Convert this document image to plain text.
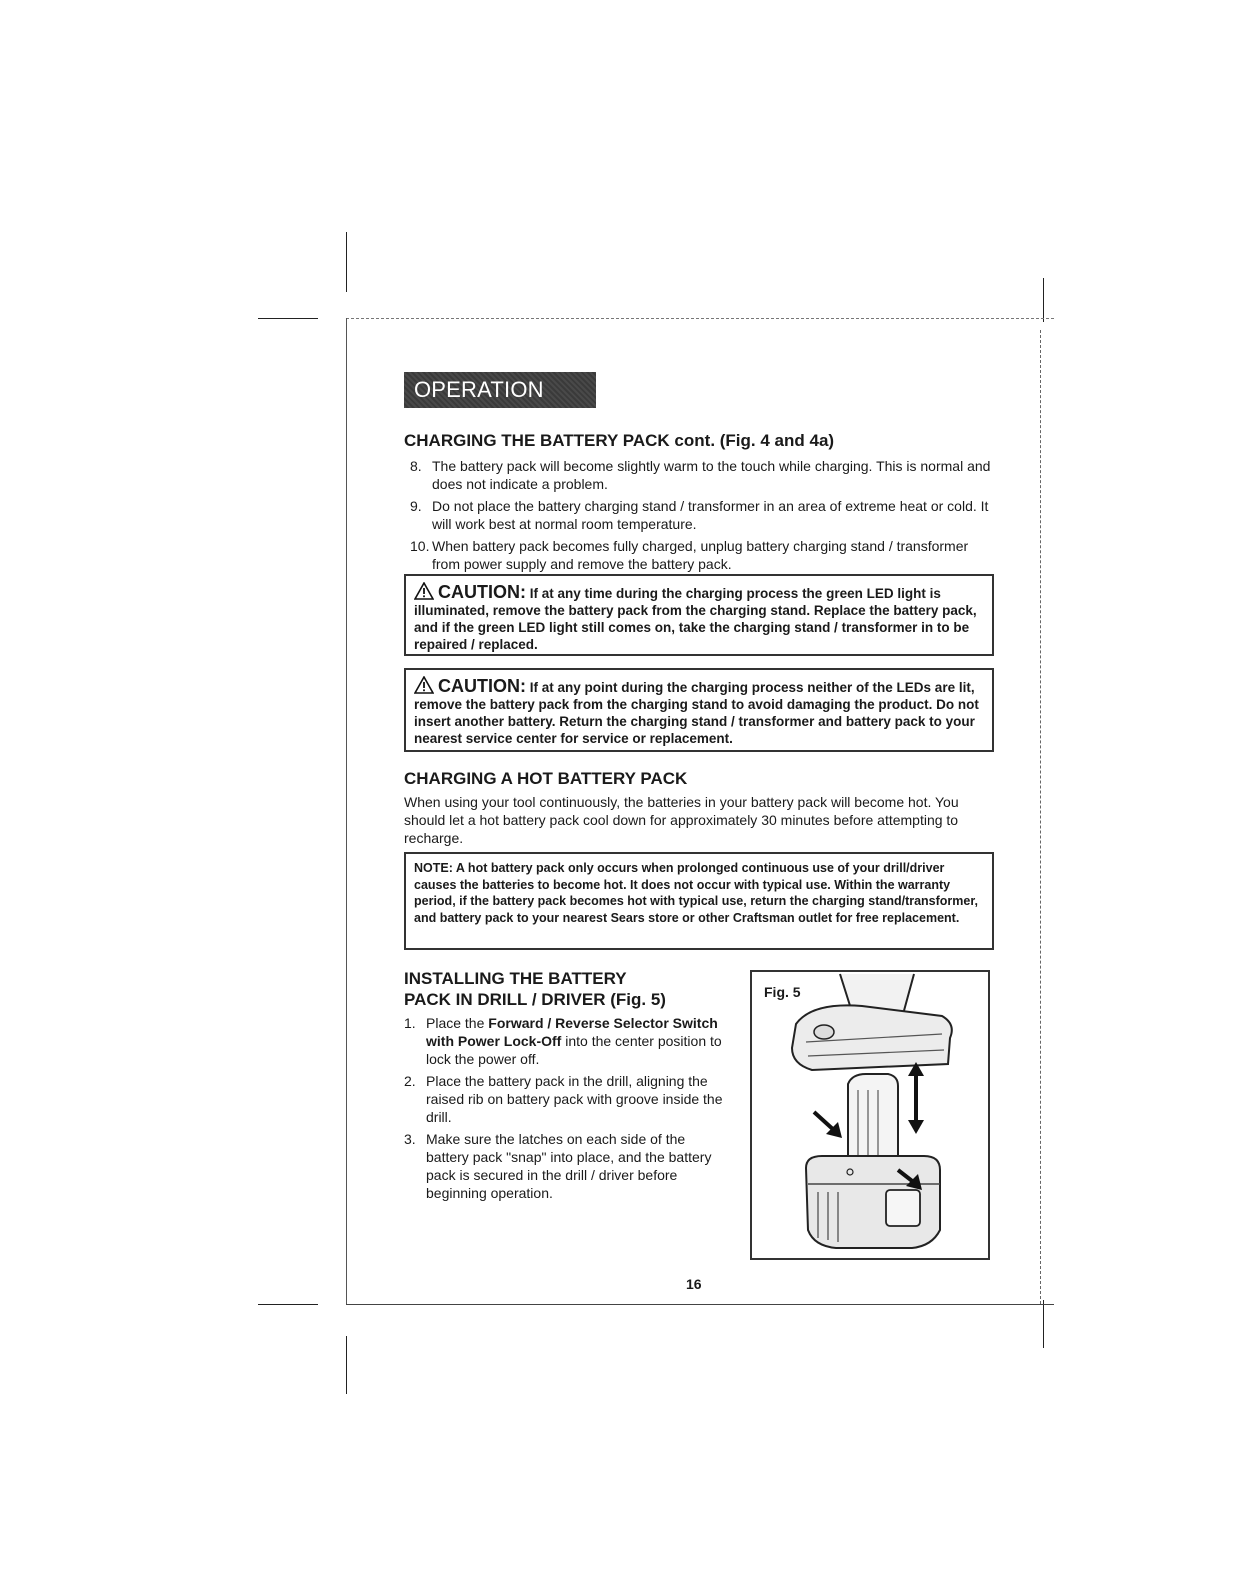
OPERATION cont.
CHARGING THE BATTERY PACK cont. (Fig. 4 and 4a)
8. The battery pack will become slightly warm to the touch while charging. This is normal and does not indicate a problem.
9. Do not place the battery charging stand / transformer in an area of extreme heat or cold. It will work best at normal room temperature.
10. When battery pack becomes fully charged, unplug battery charging stand / transformer from power supply and remove the battery pack.
CAUTION: If at any time during the charging process the green LED light is illuminated, remove the battery pack from the charging stand. Replace the battery pack, and if the green LED light still comes on, take the charging stand / transformer in to be repaired / replaced.
CAUTION: If at any point during the charging process neither of the LEDs are lit, remove the battery pack from the charging stand to avoid damaging the product. Do not insert another battery. Return the charging stand / transformer and battery pack to your nearest service center for service or replacement.
CHARGING A HOT BATTERY PACK
When using your tool continuously, the batteries in your battery pack will become hot. You should let a hot battery pack cool down for approximately 30 minutes before attempting to recharge.
NOTE: A hot battery pack only occurs when prolonged continuous use of your drill/driver causes the batteries to become hot. It does not occur with typical use. Within the warranty period, if the battery pack becomes hot with typical use, return the charging stand/transformer, and battery pack to your nearest Sears store or other Craftsman outlet for free replacement.
INSTALLING THE BATTERY
PACK IN DRILL / DRIVER (Fig. 5)
1. Place the Forward / Reverse Selector Switch with Power Lock-Off into the center position to lock the power off.
2. Place the battery pack in the drill, aligning the raised rib on battery pack with groove inside the drill.
3. Make sure the latches on each side of the battery pack "snap" into place, and the battery pack is secured in the drill / driver before beginning operation.
Fig. 5
16
